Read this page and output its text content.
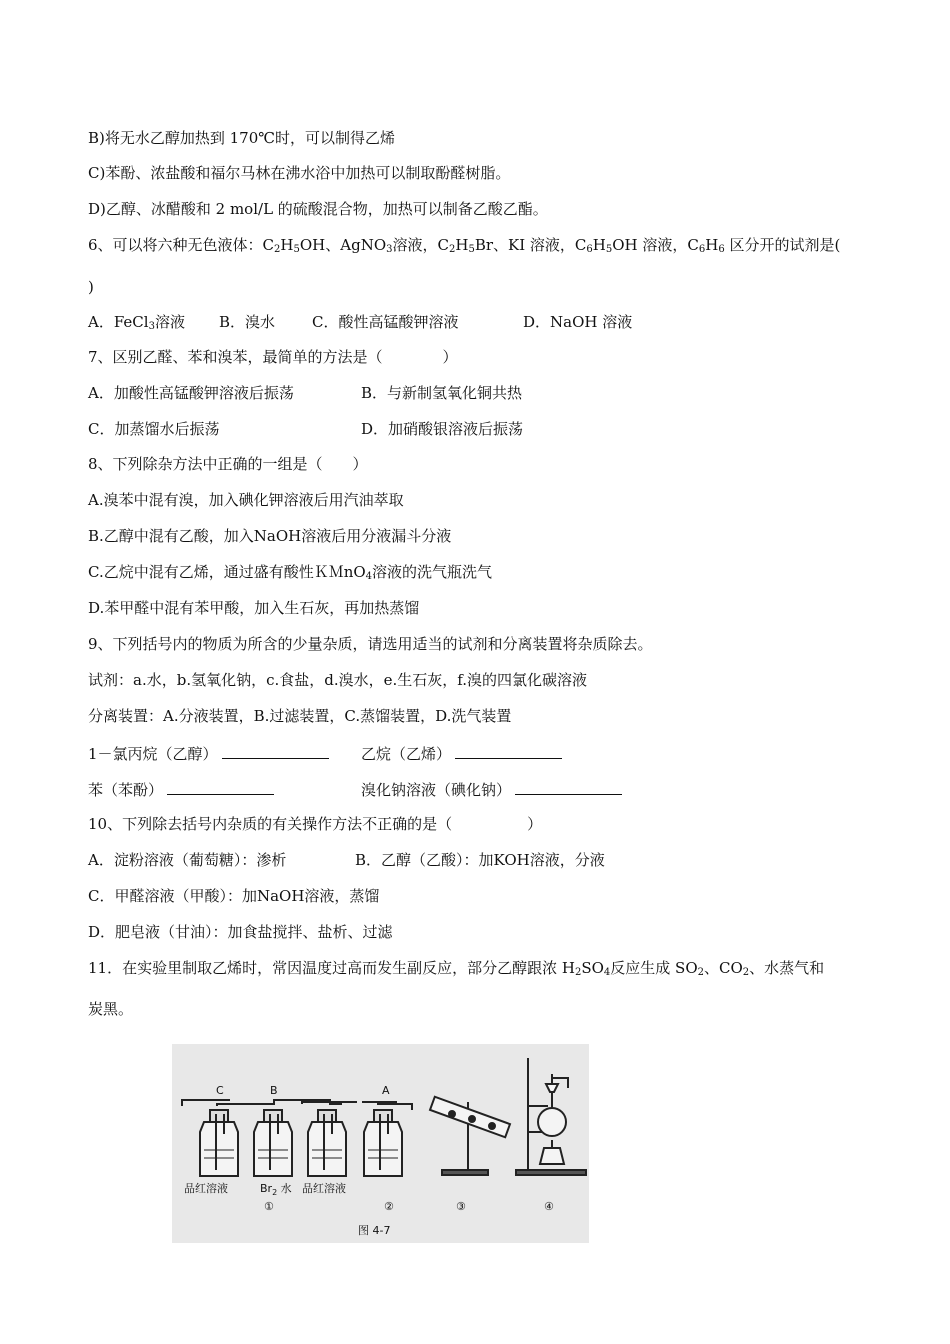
B)将无水乙醇加热到 170℃时，可以制得乙烯
C)苯酚、浓盐酸和福尔马林在沸水浴中加热可以制取酚醛树脂。
D)乙醇、冰醋酸和 2 mol/L 的硫酸混合物，加热可以制备乙酸乙酯。
6、可以将六种无色液体：$C_2H_5OH$、AgNO$_3$溶液，$C_2H_5Br$、KI 溶液，$C_6H_5OH$ 溶液，$C_6H_6$ 区分开的试剂是(
)
A．FeCl$_3$溶液 B．溴水 C．酸性高锰酸钾溶液	D．NaOH 溶液
7、区别乙醛、苯和溴苯，最简单的方法是（　　　　）
A．加酸性高锰酸钾溶液后振荡	B．与新制氢氧化铜共热
C．加蒸馏水后振荡	D．加硝酸银溶液后振荡
8、下列除杂方法中正确的一组是（　　）
A.溴苯中混有溴，加入碘化钾溶液后用汽油萃取
B.乙醇中混有乙酸，加入NaOH溶液后用分液漏斗分液
C.乙烷中混有乙烯，通过盛有酸性ＫＭnO$_4$溶液的洗气瓶洗气
D.苯甲醛中混有苯甲酸，加入生石灰，再加热蒸馏
9、下列括号内的物质为所含的少量杂质，请选用适当的试剂和分离装置将杂质除去。
试剂：a.水，b.氢氧化钠，c.食盐，d.溴水，e.生石灰，f.溴的四氯化碳溶液
分离装置：A.分液装置，B.过滤装置，C.蒸馏装置，D.洗气装置
1－氯丙烷（乙醇）	乙烷（乙烯）
苯（苯酚）	溴化钠溶液（碘化钠）
10、下列除去括号内杂质的有关操作方法不正确的是（　　　　　）
A．淀粉溶液（葡萄糖）：渗析	B．乙醇（乙酸）：加KOH溶液，分液
C．甲醛溶液（甲酸）：加NaOH溶液，蒸馏
D．肥皂液（甘油）：加食盐搅拌、盐析、过滤
11．在实验里制取乙烯时，常因温度过高而发生副反应，部分乙醇跟浓 $H_2SO_4$反应生成 $SO_2$、$CO_2$、水蒸气和
炭黑。
C	B	A
品红溶液	$Br_2$ 水 品红溶液
①	②	③	④
图 4-7
